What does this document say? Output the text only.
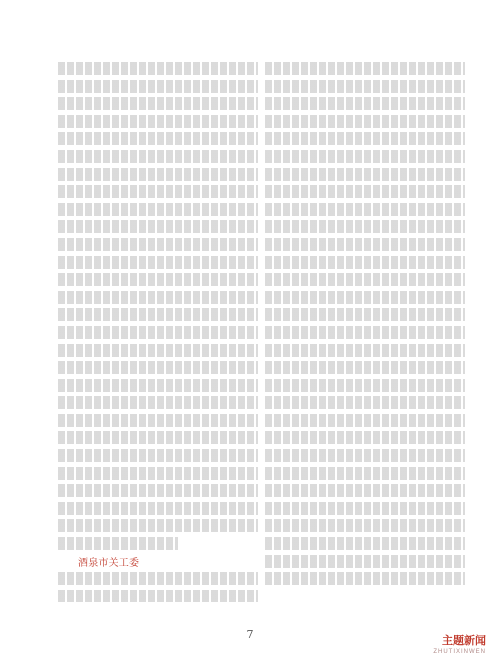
酒泉市关工委

7	主题新闻
ZHUTIXINWEN
